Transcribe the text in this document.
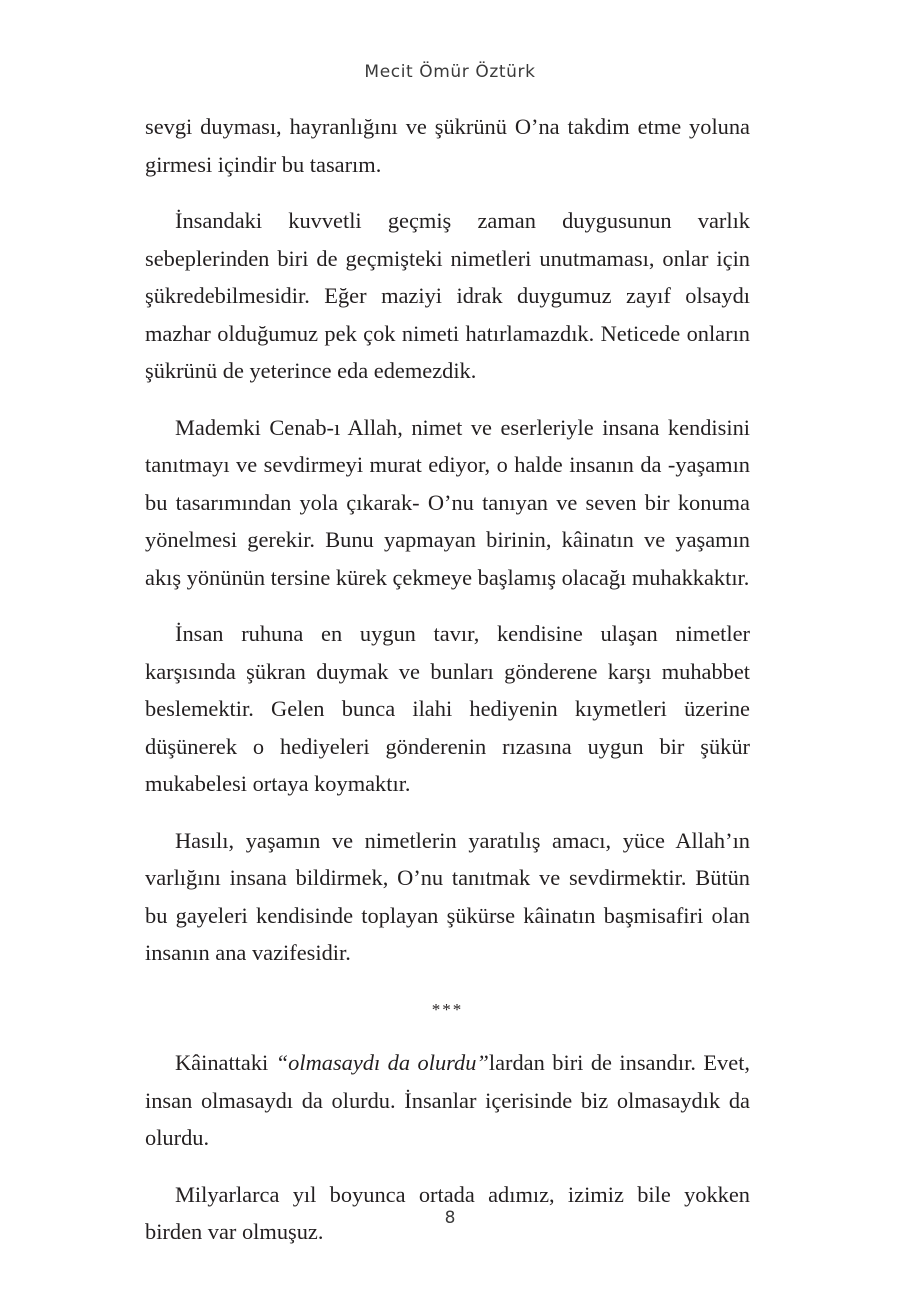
Mecit Ömür Öztürk

sevgi duyması, hayranlığını ve şükrünü O’na takdim etme yoluna girmesi içindir bu tasarım.

İnsandaki kuvvetli geçmiş zaman duygusunun varlık sebeplerinden biri de geçmişteki nimetleri unutmaması, onlar için şükredebilmesidir. Eğer maziyi idrak duygumuz zayıf olsaydı mazhar olduğumuz pek çok nimeti hatırlamazdık. Neticede onların şükrünü de yeterince eda edemezdik.

Mademki Cenab-ı Allah, nimet ve eserleriyle insana kendisini tanıtmayı ve sevdirmeyi murat ediyor, o halde insanın da -yaşamın bu tasarımından yola çıkarak- O’nu tanıyan ve seven bir konuma yönelmesi gerekir. Bunu yapmayan birinin, kâinatın ve yaşamın akış yönünün tersine kürek çekmeye başlamış olacağı muhakkaktır.

İnsan ruhuna en uygun tavır, kendisine ulaşan nimetler karşısında şükran duymak ve bunları gönderene karşı muhabbet beslemektir. Gelen bunca ilahi hediyenin kıymetleri üzerine düşünerek o hediyeleri gönderenin rızasına uygun bir şükür mukabelesi ortaya koymaktır.

Hasılı, yaşamın ve nimetlerin yaratılış amacı, yüce Allah’ın varlığını insana bildirmek, O’nu tanıtmak ve sevdirmektir. Bütün bu gayeleri kendisinde toplayan şükürse kâinatın başmisafiri olan insanın ana vazifesidir.

***

Kâinattaki “olmasaydı da olurdu”lardan biri de insandır. Evet, insan olmasaydı da olurdu. İnsanlar içerisinde biz olmasaydık da olurdu.

Milyarlarca yıl boyunca ortada adımız, izimiz bile yokken birden var olmuşuz.

8
